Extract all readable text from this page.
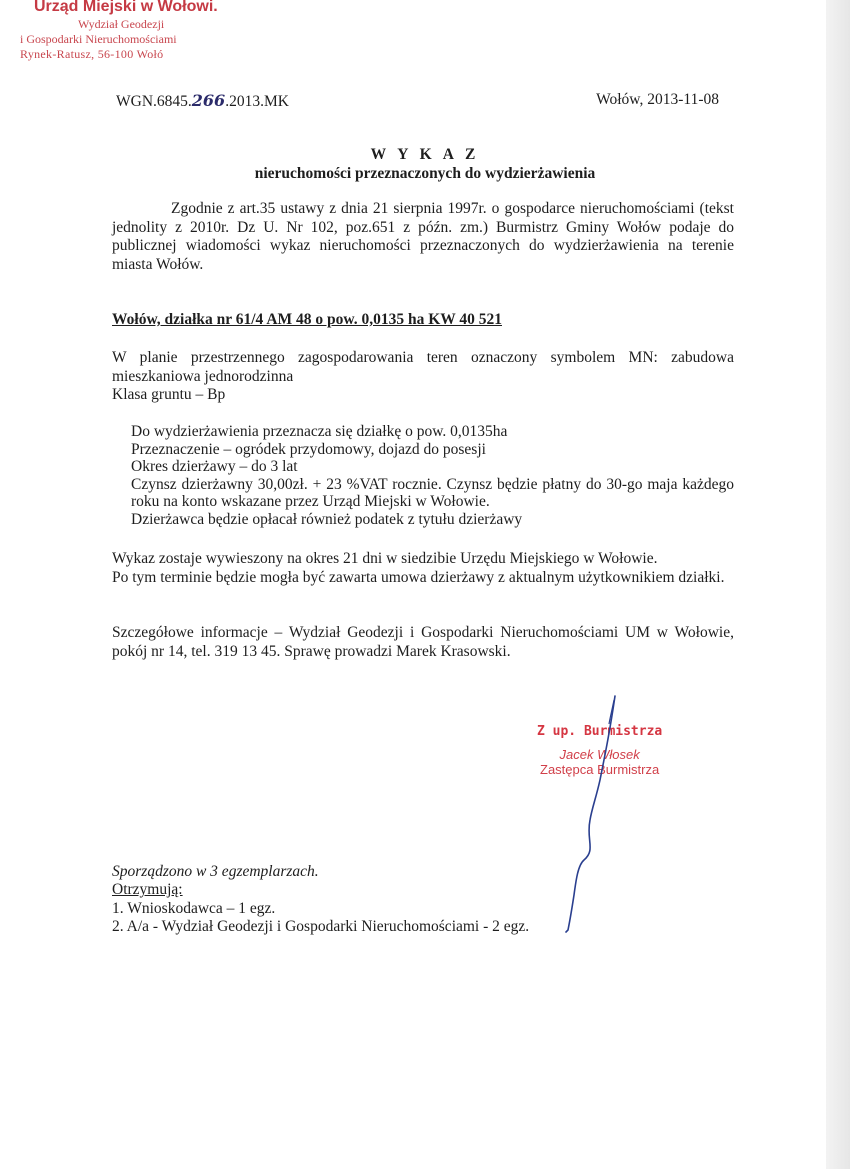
Urząd Miejski w Wołowi.
Wydział Geodezji
i Gospodarki Nieruchomościami
Rynek-Ratusz, 56-100 Wołó
WGN.6845.266.2013.MK	Wołów, 2013-11-08
W Y K A Z
nieruchomości przeznaczonych do wydzierżawienia
Zgodnie z art.35 ustawy z dnia 21 sierpnia 1997r. o gospodarce nieruchomościami (tekst jednolity z 2010r. Dz U. Nr 102, poz.651 z późn. zm.) Burmistrz Gminy Wołów podaje do publicznej wiadomości wykaz nieruchomości przeznaczonych do wydzierżawienia na terenie miasta Wołów.
Wołów, działka nr 61/4 AM 48 o pow. 0,0135 ha KW 40 521
W planie przestrzennego zagospodarowania teren oznaczony symbolem MN: zabudowa mieszkaniowa jednorodzinna
Klasa gruntu – Bp
Do wydzierżawienia przeznacza się działkę o pow. 0,0135ha
Przeznaczenie – ogródek przydomowy, dojazd do posesji
Okres dzierżawy – do 3 lat
Czynsz dzierżawny 30,00zł. + 23 %VAT rocznie. Czynsz będzie płatny do 30-go maja każdego roku na konto wskazane przez Urząd Miejski w Wołowie.
Dzierżawca będzie opłacał również podatek z tytułu dzierżawy
Wykaz zostaje wywieszony na okres 21 dni w siedzibie Urzędu Miejskiego w Wołowie.
Po tym terminie będzie mogła być zawarta umowa dzierżawy z aktualnym użytkownikiem działki.
Szczegółowe informacje – Wydział Geodezji i Gospodarki Nieruchomościami UM w Wołowie, pokój nr 14, tel. 319 13 45. Sprawę prowadzi Marek Krasowski.
Z up. Burmistrza
Jacek Włosek
Zastępca Burmistrza
Sporządzono w 3 egzemplarzach.
Otrzymują:
1. Wnioskodawca – 1 egz.
2. A/a - Wydział Geodezji i Gospodarki Nieruchomościami - 2 egz.
